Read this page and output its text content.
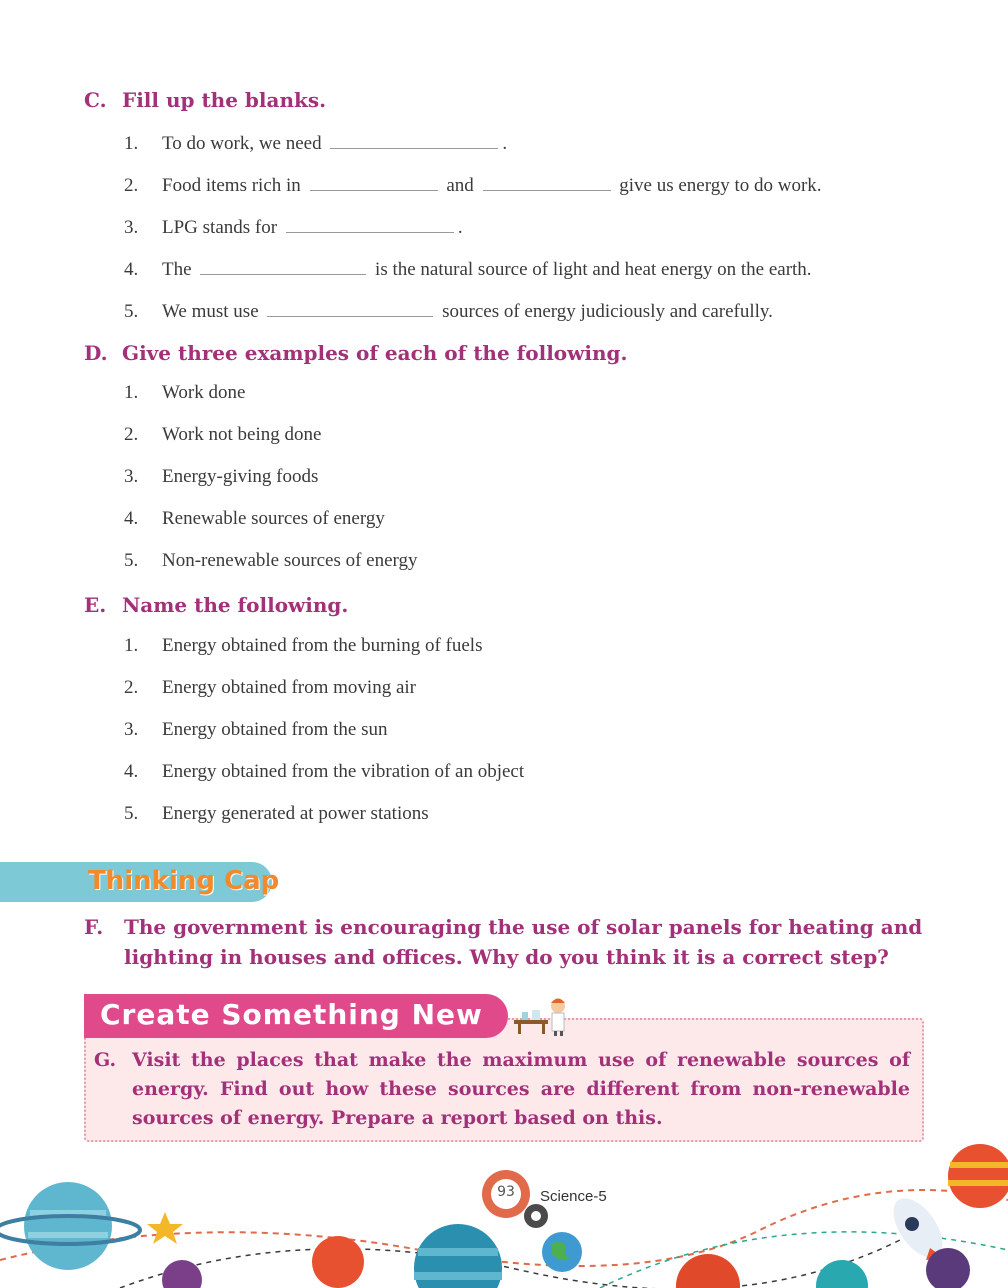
C. Fill up the blanks.
1. To do work, we need	.
2. Food items rich in	and	give us energy to do work.
3. LPG stands for	.
4. The	is the natural source of light and heat energy on the earth.
5. We must use	sources of energy judiciously and carefully.
D. Give three examples of each of the following.
1. Work done
2. Work not being done
3. Energy-giving foods
4. Renewable sources of energy
5. Non-renewable sources of energy
E. Name the following.
1. Energy obtained from the burning of fuels
2. Energy obtained from moving air
3. Energy obtained from the sun
4. Energy obtained from the vibration of an object
5. Energy generated at power stations
Thinking Cap
F. The government is encouraging the use of solar panels for heating and lighting in houses and offices. Why do you think it is a correct step?
Create Something New
G. Visit the places that make the maximum use of renewable sources of energy. Find out how these sources are different from non-renewable sources of energy. Prepare a report based on this.
93 Science-5
